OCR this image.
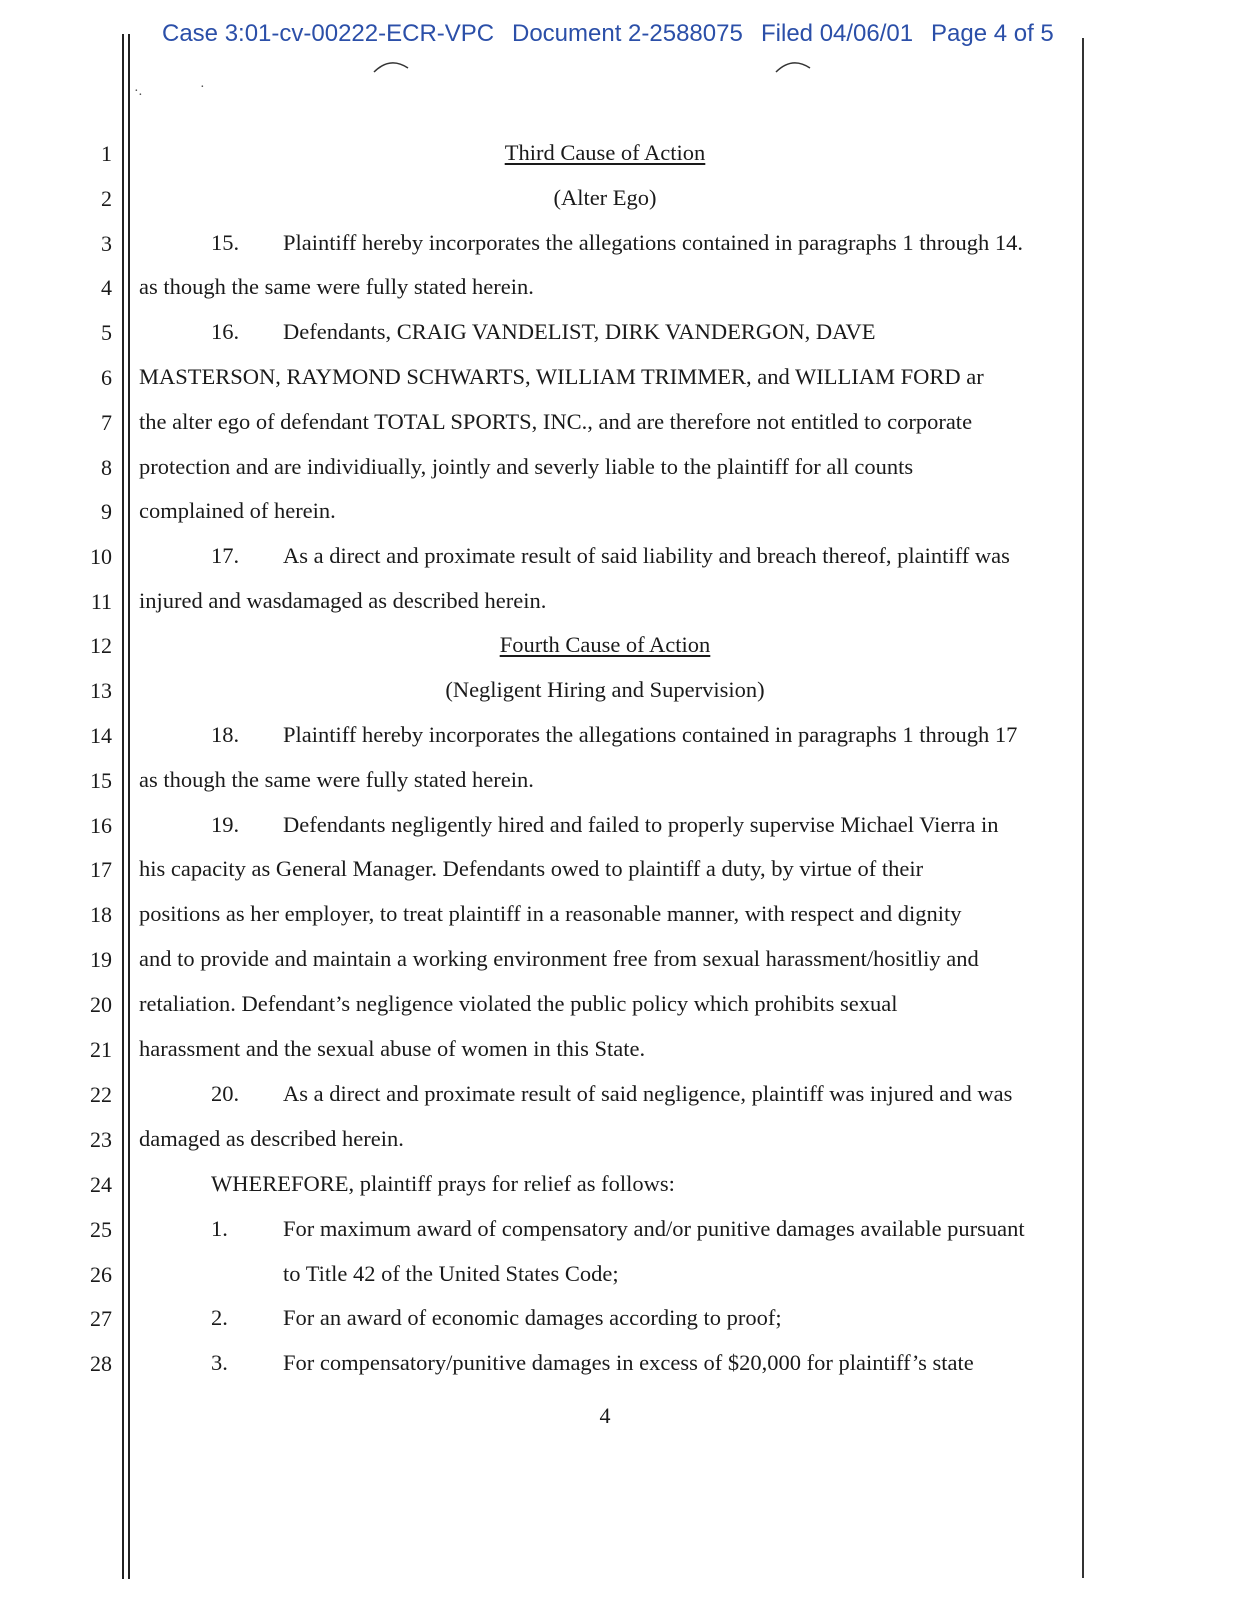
Case 3:01-cv-00222-ECR-VPC Document 2-2588075 Filed 04/06/01 Page 4 of 5
·.	·
1
2
3
4
5
6
7
8
9
10
11
12
13
14
15
16
17
18
19
20
21
22
23
24
25
26
27
28
Third Cause of Action
(Alter Ego)
15. Plaintiff hereby incorporates the allegations contained in paragraphs 1 through 14.
as though the same were fully stated herein.
16. Defendants, CRAIG VANDELIST, DIRK VANDERGON, DAVE
MASTERSON, RAYMOND SCHWARTS, WILLIAM TRIMMER, and WILLIAM FORD ar
the alter ego of defendant TOTAL SPORTS, INC., and are therefore not entitled to corporate
protection and are individiually, jointly and severly liable to the plaintiff for all counts
complained of herein.
17. As a direct and proximate result of said liability and breach thereof, plaintiff was
injured and wasdamaged as described herein.
Fourth Cause of Action
(Negligent Hiring and Supervision)
18. Plaintiff hereby incorporates the allegations contained in paragraphs 1 through 17
as though the same were fully stated herein.
19. Defendants negligently hired and failed to properly supervise Michael Vierra in
his capacity as General Manager. Defendants owed to plaintiff a duty, by virtue of their
positions as her employer, to treat plaintiff in a reasonable manner, with respect and dignity
and to provide and maintain a working environment free from sexual harassment/hositliy and
retaliation. Defendant’s negligence violated the public policy which prohibits sexual
harassment and the sexual abuse of women in this State.
20. As a direct and proximate result of said negligence, plaintiff was injured and was
damaged as described herein.
WHEREFORE, plaintiff prays for relief as follows:
1. For maximum award of compensatory and/or punitive damages available pursuant
to Title 42 of the United States Code;
2. For an award of economic damages according to proof;
3. For compensatory/punitive damages in excess of $20,000 for plaintiff’s state
4
